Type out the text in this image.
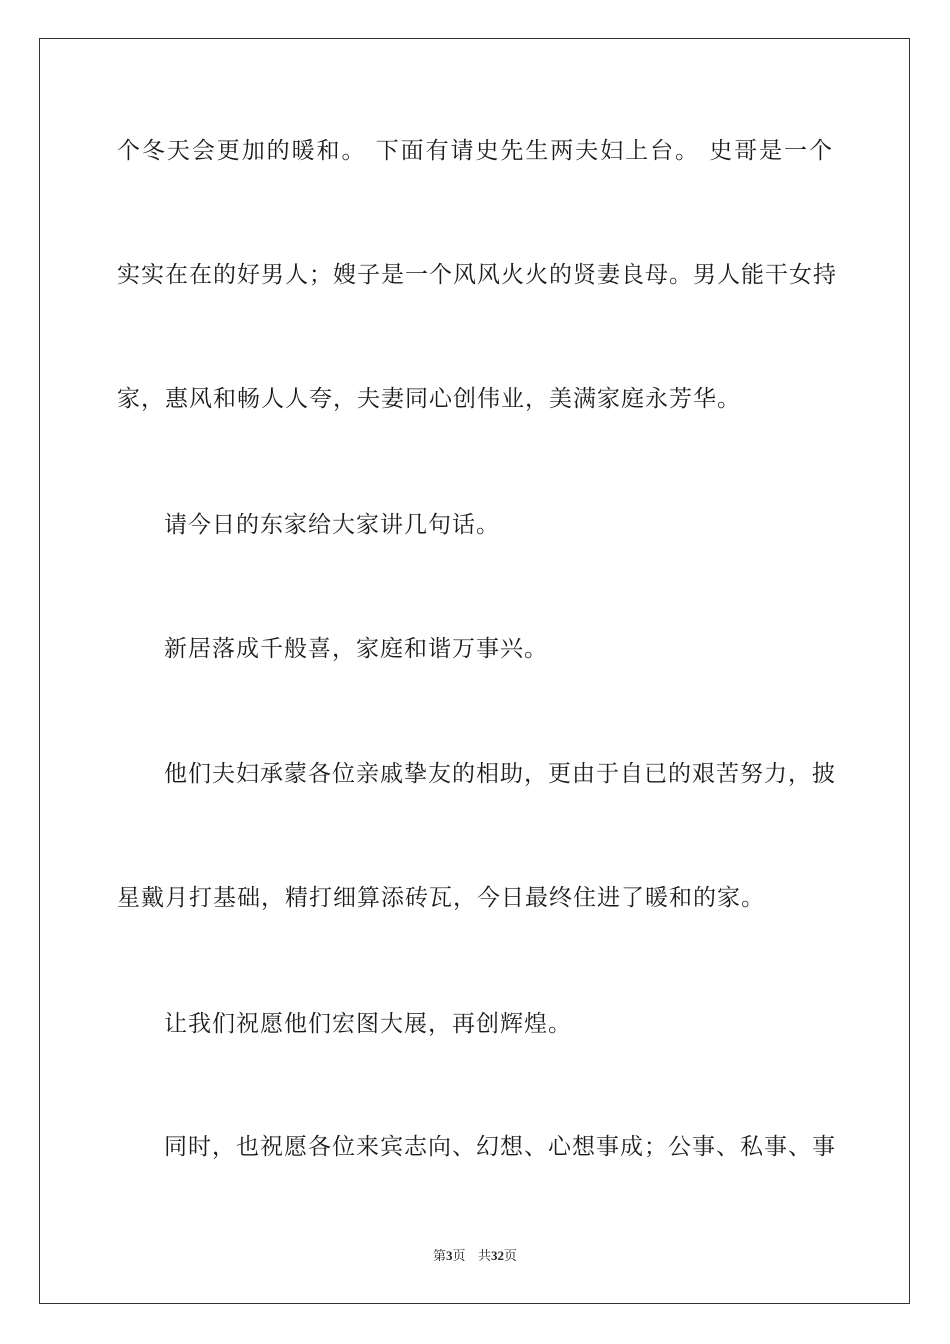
个冬天会更加的暖和。 下面有请史先生两夫妇上台。 史哥是一个
实实在在的好男人；嫂子是一个风风火火的贤妻良母。男人能干女持
家，惠风和畅人人夸，夫妻同心创伟业，美满家庭永芳华。
请今日的东家给大家讲几句话。
新居落成千般喜，家庭和谐万事兴。
他们夫妇承蒙各位亲戚挚友的相助，更由于自已的艰苦努力，披
星戴月打基础，精打细算添砖瓦，今日最终住进了暖和的家。
让我们祝愿他们宏图大展，再创辉煌。
同时，也祝愿各位来宾志向、幻想、心想事成；公事、私事、事
第3页 共32页
